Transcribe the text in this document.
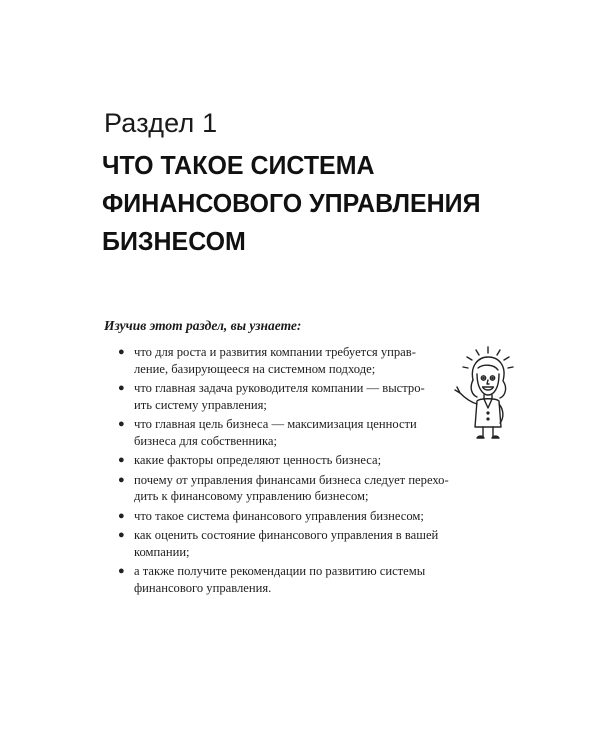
Раздел 1
ЧТО ТАКОЕ СИСТЕМА
ФИНАНСОВОГО УПРАВЛЕНИЯ
БИЗНЕСОМ
Изучив этот раздел, вы узнаете:
● что для роста и развития компании требуется управ-
ление, базирующееся на системном подходе;
● что главная задача руководителя компании — выстро-
ить систему управления;
● что главная цель бизнеса — максимизация ценности
бизнеса для собственника;
● какие факторы определяют ценность бизнеса;
● почему от управления финансами бизнеса следует перехо-
дить к финансовому управлению бизнесом;
● что такое система финансового управления бизнесом;
● как оценить состояние финансового управления в вашей
компании;
● а также получите рекомендации по развитию системы
финансового управления.
